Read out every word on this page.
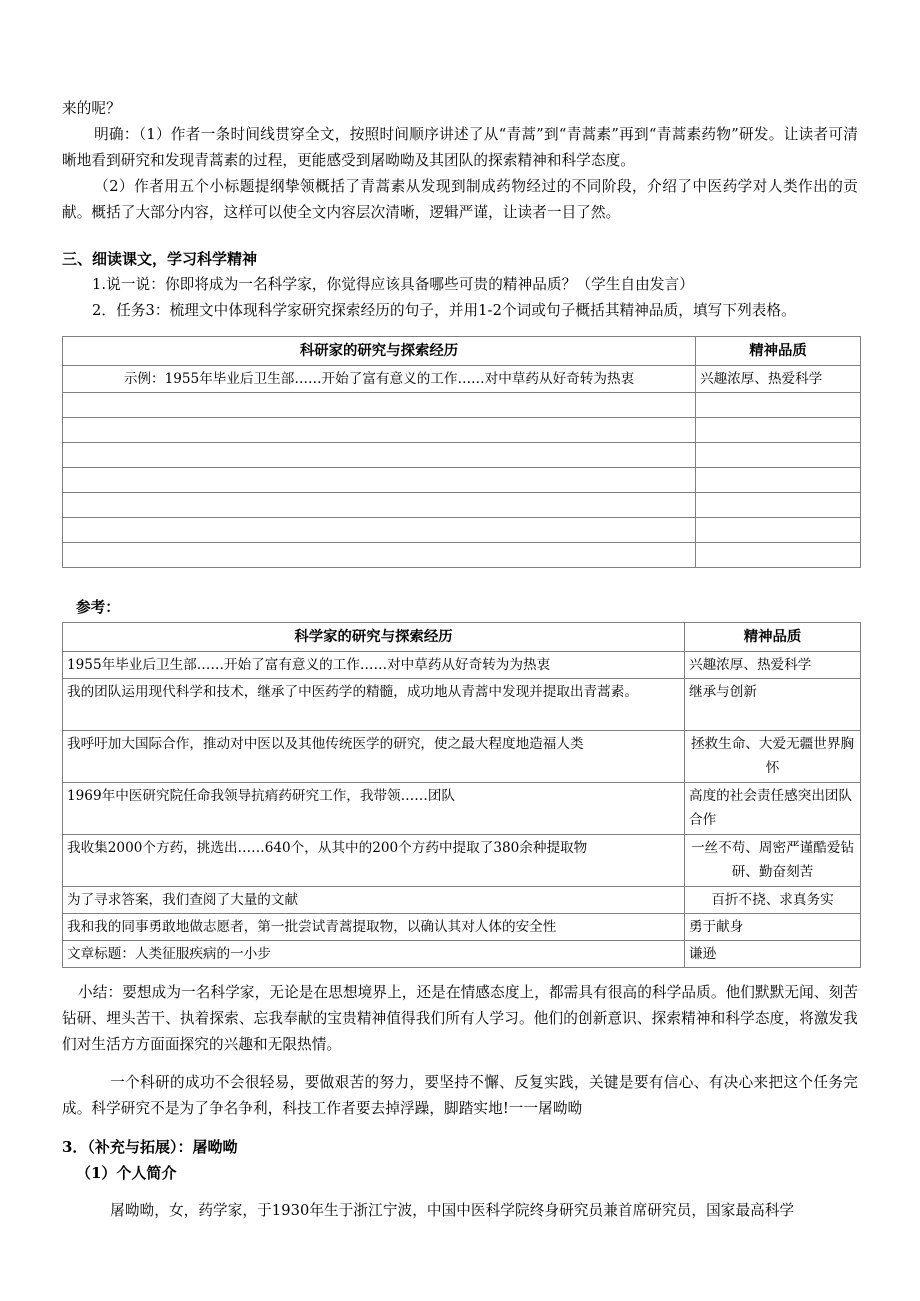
来的呢？
明确：（1）作者一条时间线贯穿全文，按照时间顺序讲述了从“青蒿”到“青蒿素”再到“青蒿素药物”研发。让读者可清晰地看到研究和发现青蒿素的过程，更能感受到屠呦呦及其团队的探索精神和科学态度。
（2）作者用五个小标题提纲挚领概括了青蒿素从发现到制成药物经过的不同阶段，介绍了中医药学对人类作出的贡献。概括了大部分内容，这样可以使全文内容层次清晰，逻辑严谨，让读者一目了然。
三、细读课文，学习科学精神
1.说一说：你即将成为一名科学家，你觉得应该具备哪些可贵的精神品质？（学生自由发言）
2．任务3：梳理文中体现科学家研究探索经历的句子，并用1-2个词或句子概括其精神品质，填写下列表格。
科研家的研究与探索经历	精神品质
示例：1955年毕业后卫生部……开始了富有意义的工作……对中草药从好奇转为热衷	兴趣浓厚、热爱科学

参考：
科学家的研究与探索经历	精神品质
1955年毕业后卫生部……开始了富有意义的工作……对中草药从好奇转为为热衷	兴趣浓厚、热爱科学
我的团队运用现代科学和技术，继承了中医药学的精髓，成功地从青蒿中发现并提取出青蒿素。	继承与创新
我呼吁加大国际合作，推动对中医以及其他传统医学的研究，使之最大程度地造福人类	拯救生命、大爱无疆世界胸怀
1969年中医研究院任命我领导抗痟药研究工作，我带领……团队	高度的社会责任感突出团队合作
我收集2000个方药，挑选出……640个，从其中的200个方药中提取了380余种提取物	一丝不苟、周密严谨酷爱钻研、勤奋刻苦
为了寻求答案，我们查阅了大量的文献	百折不挠、求真务实
我和我的同事勇敢地做志愿者，第一批尝试青蒿提取物，以确认其对人体的安全性	勇于献身
文章标题：人类征服疾病的一小步	谦逊
小结：要想成为一名科学家，无论是在思想境界上，还是在情感态度上，都需具有很高的科学品质。他们默默无闻、刻苦钻研、埋头苦干、执着探索、忘我奉献的宝贵精神值得我们所有人学习。他们的创新意识、探索精神和科学态度，将激发我们对生活方方面面探究的兴趣和无限热情。
一个科研的成功不会很轻易，要做艰苦的努力，要坚持不懈、反复实践，关键是要有信心、有决心来把这个任务完成。科学研究不是为了争名争利，科技工作者要去掉浮躁，脚踏实地!一一屠呦呦
3．（补充与拓展）：屠呦呦
（1）个人简介
屠呦呦，女，药学家，于1930年生于浙江宁波，中国中医科学院终身研究员兼首席研究员，国家最高科学
